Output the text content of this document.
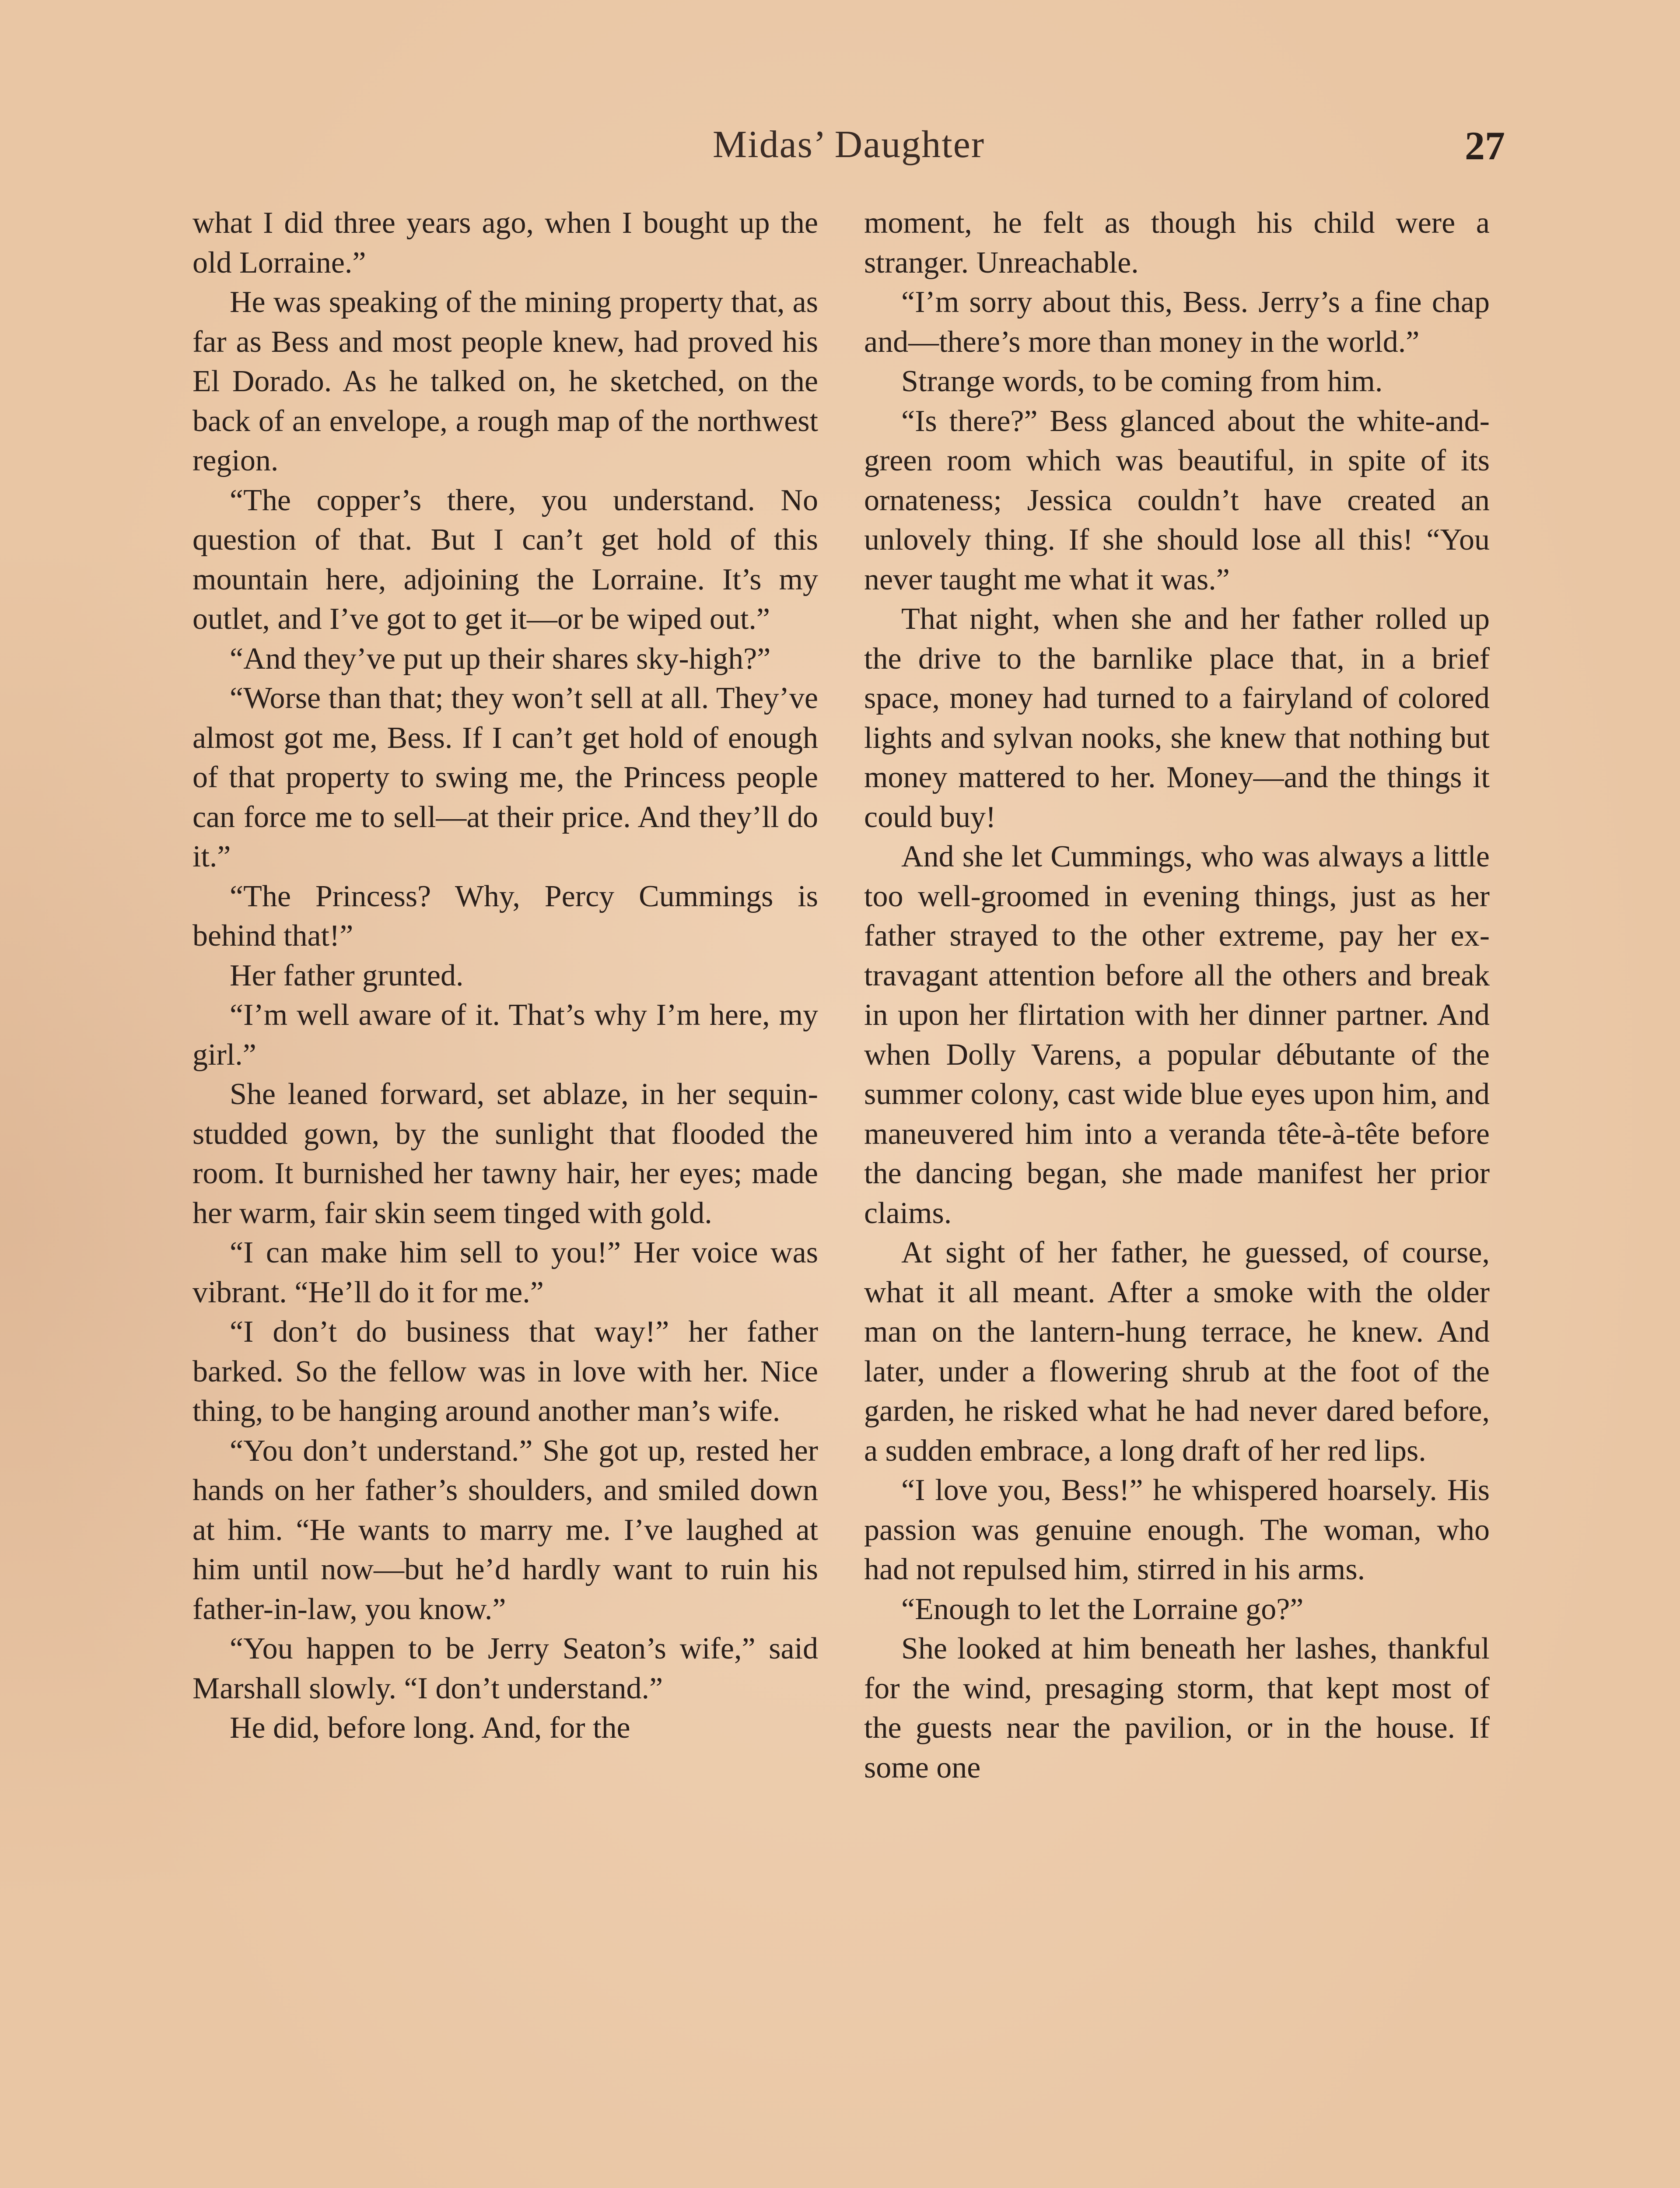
Midas’ Daughter	27

what I did three years ago, when I bought up the old Lorraine.”

He was speaking of the mining property that, as far as Bess and most people knew, had proved his El Dorado. As he talked on, he sketched, on the back of an envelope, a rough map of the northwest region.

“The copper’s there, you understand. No question of that. But I can’t get hold of this mountain here, adjoining the Lorraine. It’s my outlet, and I’ve got to get it—or be wiped out.”

“And they’ve put up their shares sky-high?”

“Worse than that; they won’t sell at all. They’ve almost got me, Bess. If I can’t get hold of enough of that property to swing me, the Princess people can force me to sell—at their price. And they’ll do it.”

“The Princess? Why, Percy Cummings is behind that!”

Her father grunted.

“I’m well aware of it. That’s why I’m here, my girl.”

She leaned forward, set ablaze, in her sequin-studded gown, by the sunlight that flooded the room. It burnished her tawny hair, her eyes; made her warm, fair skin seem tinged with gold.

“I can make him sell to you!” Her voice was vibrant. “He’ll do it for me.”

“I don’t do business that way!” her father barked. So the fellow was in love with her. Nice thing, to be hanging around another man’s wife.

“You don’t understand.” She got up, rested her hands on her father’s shoulders, and smiled down at him. “He wants to marry me. I’ve laughed at him until now—but he’d hardly want to ruin his father-in-law, you know.”

“You happen to be Jerry Seaton’s wife,” said Marshall slowly. “I don’t understand.”

He did, before long. And, for the

moment, he felt as though his child were a stranger. Unreachable.

“I’m sorry about this, Bess. Jerry’s a fine chap and—there’s more than money in the world.”

Strange words, to be coming from him.

“Is there?” Bess glanced about the white-and-green room which was beautiful, in spite of its ornateness; Jessica couldn’t have created an unlovely thing. If she should lose all this! “You never taught me what it was.”

That night, when she and her father rolled up the drive to the barnlike place that, in a brief space, money had turned to a fairyland of colored lights and sylvan nooks, she knew that nothing but money mattered to her. Money—and the things it could buy!

And she let Cummings, who was always a little too well-groomed in evening things, just as her father strayed to the other extreme, pay her extravagant attention before all the others and break in upon her flirtation with her dinner partner. And when Dolly Varens, a popular débutante of the summer colony, cast wide blue eyes upon him, and maneuvered him into a veranda tête-à-tête before the dancing began, she made manifest her prior claims.

At sight of her father, he guessed, of course, what it all meant. After a smoke with the older man on the lantern-hung terrace, he knew. And later, under a flowering shrub at the foot of the garden, he risked what he had never dared before, a sudden embrace, a long draft of her red lips.

“I love you, Bess!” he whispered hoarsely. His passion was genuine enough. The woman, who had not repulsed him, stirred in his arms.

“Enough to let the Lorraine go?”

She looked at him beneath her lashes, thankful for the wind, presaging storm, that kept most of the guests near the pavilion, or in the house. If some one
